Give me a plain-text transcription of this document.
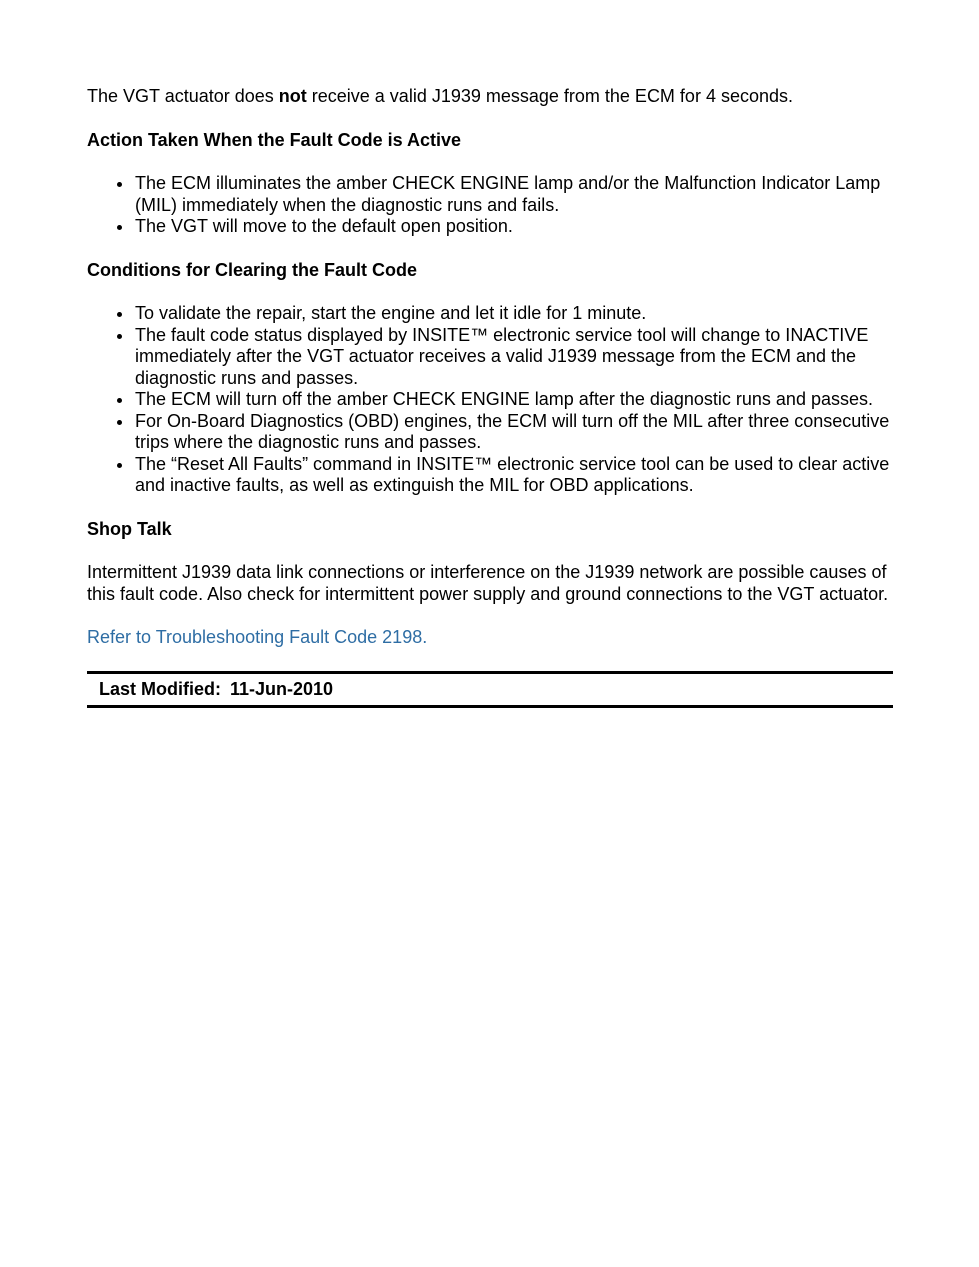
The VGT actuator does not receive a valid J1939 message from the ECM for 4 seconds.

Action Taken When the Fault Code is Active
The ECM illuminates the amber CHECK ENGINE lamp and/or the Malfunction Indicator Lamp (MIL) immediately when the diagnostic runs and fails.
The VGT will move to the default open position.
Conditions for Clearing the Fault Code
To validate the repair, start the engine and let it idle for 1 minute.
The fault code status displayed by INSITE™ electronic service tool will change to INACTIVE immediately after the VGT actuator receives a valid J1939 message from the ECM and the diagnostic runs and passes.
The ECM will turn off the amber CHECK ENGINE lamp after the diagnostic runs and passes.
For On-Board Diagnostics (OBD) engines, the ECM will turn off the MIL after three consecutive trips where the diagnostic runs and passes.
The “Reset All Faults” command in INSITE™ electronic service tool can be used to clear active and inactive faults, as well as extinguish the MIL for OBD applications.
Shop Talk

Intermittent J1939 data link connections or interference on the J1939 network are possible causes of this fault code. Also check for intermittent power supply and ground connections to the VGT actuator.

Refer to Troubleshooting Fault Code 2198.
Last Modified: 11-Jun-2010
